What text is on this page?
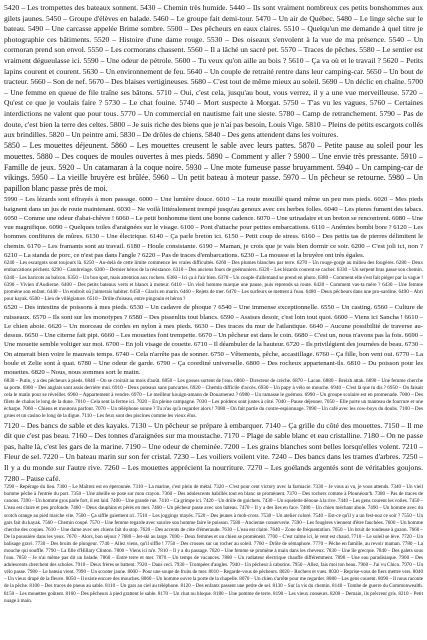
5420 – Les trompettes des bateaux sonnent. 5430 – Chemin très humide. 5440 – Ils sont vraiment nombreux ces petits bonshommes aux gilets jaunes. 5450 – Groupe d'élèves en balade. 5460 – Le groupe fait demi-tour. 5470 – Un air de Québec. 5480 – Le linge sèche sur le bateau. 5490 – Une carcasse appelée Brime sombre. 5500 – Des pêcheurs en eaux claires. 5510 – Quelqu'un me demande à quel titre je photographie ces bâtiments. 5520 – Histoire d'une dame rouge. 5530 – Des oiseaux s'envolent à la vue de ma présence. 5540 – Un cormoran prend son envol. 5550 – Les cormorans chassent. 5560 – Il a lâché un sacré pet. 5570 – Traces de pêches. 5580 – Le sentier est vraiment dégueulasse ici. 5590 – Une odeur de pétrole. 5600 – Tu veux qu'on aille au bois ? 5610 – Ça va où et le travail ? 5620 – Petits lapins courent et courent. 5630 – Un environnement de feu. 5640 – Un couple de retraité rentre dans leur camping-car. 5650 – Un bout de tracteur. 5660 – Son de nef. 5670 – Des blaises vertigineuses. 5680 – C'est tout de même mieux au soleil. 5690 – Un déclic en chaîne. 5700 – Une femme en queue de file traîne ses bâtons. 5710 – Oui, c'est cela, jusqu'au bout, vous verrez, il y a une vue merveilleuse. 5720 – Qu'est ce que je voulais faire ? 5730 – Le chat fouine. 5740 – Mort suspecte à Morgat. 5750 – T'as vu les vagues. 5760 – Certaines interdictions ne valent que pour tous. 5770 – Un commercial en nautisme fait une sieste. 5780 – Camp de retranchement. 5790 – Pas de doute, c'est bien la terre des celtes. 5800 – Je suis riche des biens que je n'ai pas besoin, Louis Vige. 5810 – Pleins de petits escargots collés aux brindilles. 5820 – Un peintre ami. 5830 – De drôles de chiens. 5840 – Des gens attendent dans les voitures.

5850 – Les mouettes déjeunent. 5860 – Les mouettes creusent le sable avec leurs pattes. 5870 – Petite pause au soleil pour les mouettes. 5880 – Des coques de moules ouvertes à mes pieds. 5890 – Comment y aller ? 5900 – Une envie très pressante. 5910 – Famille de jeux. 5920 – Un catamaran à la coque noire. 5930 – Une mote fumeuse passe bruyamment. 5940 – Un camping-car de vikings. 5950 – La vieille bruyère est brûlée. 5960 – Un petit bateau à moteur passe. 5970 – Un pêcheur se retourne. 5980 – Un papillon blanc passe près de moi.

5990 – Les lézards sont effrayés à mon passage. 6000 – Une lumière douce. 6010 – La route mouillé quand même un peu mes pieds. 6020 – Mes pieds baignent dans un jus de route maintenant. 6030 – Ne voilà littéralement trempé jusqu'au genoux avec ces herbes folles. 6040 – Les pieres fument des tabacs. 6050 – Comme une odeur d'abat-chèvre ! 6060 – Le petit bonhomme tient une bonne cadence. 6070 – Une urinadaire et un breton se rencontrent. 6080 – Une vue magnifique. 6090 – Quelques toiles d'araignées sur le visage. 6100 – Pont d'attache pour petites embarcations. 6110 – Anémies bombi bore ? 6120 – Les hommes confitures de mûres. 6130 – Une électrique. 6140 – Ça parle breton ici. 6150 – Petit coup de stress. 6160 – Des petits tas de pierres délimitent le chemin. 6170 – Les framants sont au travail. 6180 – Houle consistante. 6190 – Maman, je crois que je vais bien dormir ce soir. 6200 – C'est joli ici, non ? 6210 – La standa de porc, ce n'est pas dans l'angle ? 6220 – Pas de traces d'embarcations. 6230 – La mousse et la bruyère ont très égales.

6240 – Les escargots sont toujours là. 6250 – Au-delà de cette limite commence les vraies difficultés. 6260 – Des plumes blanches par terre. 6270 – Un rouge-gorge au milieu des fougères. 6280 – Deux embarcations péchent. 6290 – Cambrelage. 6300 – Dernier héros de la résistance. 6310 – Des anciens fours de goémoniers. 6320 – Les lézards courent se cacher. 6330 – Un serpent bras passe son chemin. 6340 – Les haricots au balcon. 6350 – Un bon spot, mais attention aux rochers. 6360 – Ici ça à l'air bien. 6370 – Un couple d'allemand se prend en photo. 6380 – Comment elle s'est fait piéger par la vague ! 6390 – Vivien d'Audierne. 6400 – Des petits bateaux verts et blancs à moteur. 6410 – Un vieil homme marque une pause, puis reprends sa route. 6420 – Comment vas-ta mère ? 6430 – Une femme promène son enfant. 6440 – Un endroit où j'aimerais habiter. 6450 – Glacis en marin. 6460 – Rejets de mer. 6470 – Les surfeurs se mettent à l'eau. 6480 – Deux pêcheurs dans une pro-sardine. 6490 – Abri pour kayak. 6500 – Lieu de villégiature. 6510 – Drôle d'oiseau, entre pingouin et héron ?

6520 – Des intestins de poissons à mes pieds. 6530 – Un cadavre de phoque ? 6540 – Une immense exceptionnelle. 6550 – Un casting. 6560 – Culture de ruisseaux. 6570 – Ils sont sur les monotypes ? 6580 – Des pissenlits tout blancs. 6590 – Assises desoir, c'est loin tout quoi. 6600 – Viens ici Sancha ! 6610 – Le chien aboie. 6620 – Un morceau de cordes en nylon à mes pieds. 6630 – Des traces du mur de l'atlantique. 6640 – Aucune possibilité de traverse au-dessus. 6650 – Une citerne fait pipi. 6660 – Les mouettes font trempette. 6670 – Un pêcheur est dans le coin. 6680 – C'est un, nous n'avons pas la fois. 6690 – Une mouette semble voltiger sur moi. 6700 – En joli visage de couette. 6710 – Il déambuler de la hauteur. 6720 – Ils privilégient des journées de beau. 6730 – On aimerait bien voire le mauvais temps. 6740 – Cela n'arrête pas de sonner. 6750 – Vêtements, pêche, accastillage. 6760 – Ça fille, bon vent oui. 6770 – La boule et Zelie sont à quai. 6780 – Une odeur de garde. 6790 – Ça coordiné universelle. 6800 – Des rocheux appartenant-ils. 6810 – Du poisson pour les mouettes. 6820 – Nous, nous sommes sort le matin.

6830 – Putin, y a des pêcheurs à pieds. 6840 – On se croirait au mois d'août. 6850 – Les gosses sortent de l'eau. 6860 – Directeur de crèche. 6870 – Lacan. 6880 – Breizh attak. 6890 – Une femme cherche sa porte. 6900 – Des anglais sont assis derrière moi. 6910 – Deux poteaux sans pancartes. 6920 – Chemin difficile d'accès. 6930 – Un papy à vélo se mouche. 6940 – C'est là que tu dis ? 6950 – On faisait cela le matin pour se réveiller. 6960 – Appartement à vendre. 6970 – Le meilleur kouign-amann de Douarnenez ? 6980 – Un ramasse le goémon. 6990 – Un groupe scolaire est en promenade. 7000 – Des filets de chalus le long de la dune. 7010 – Cela sent la ferme ici. 7020 – En pleine campagne. 7030 – Les poldens sont justes à côté. 7040 – Pause déjeuner. 7050 – Elle porte un manteau de fourrure et une écharpe. 7060 – Chiens et moutons parfont. 7070 – Un téléphone sonne ? Tu n'as qu'à regarder alors ! 7080 – On fait partie du contre-espionnage. 7090 – Un café avec les cow-boys du doubs. 7100 – Des grues et un casino le long de la digue. 7110 – Les feux sont des piscines comme les vieux élus.

7120 – Des bancs de sable et des kayaks. 7130 – Un pêcheur se prépare à embarquer. 7140 – Ça grille du côté des mouettes. 7150 – Il me dit que c'est pas beau. 7160 – Des tonnes d'araignées sur ma moustache. 7170 – Plage de sable blanc et eau cristalline. 7180 – On ne passe pas, halte là, c'est les gars de la marine. 7190 – Une odeur de cheminée. 7200 – Les grains blanches sont belles lorsqu'elles volent. 7210 – Fleur de sel. 7220 – Un bateau marin sur son fer cristal. 7230 – Les voiliers voilent vite. 7240 – Des bancs dans les trames d'arbres. 7250 – Il y a du monde sur l'autre rive. 7260 – Les mouettes apprécient la nourriture. 7270 – Les goélands argentés sont de véritables goujons. 7280 – Pause café.

7290 – Repérage du lieu. 7300 – Le Maîtrez est en éperonnée. 7310 – La marine, c'est plein de métal. 7320 – C'est pour cent victory avec la farmacie. 7330 – Je vous ai vu, je vous attends. 7340 – Un vieil homme pêche à l'entrée du port. 7350 – Une abeille se pose sur mon crayon. 7360 – Des adolescents habillés tout en blanc se promènent. 7370 – Des rochers comme à Plounéour'h. 7380 – Pas de traces de canons. 7390 – Un homme gros parle fort, il est laid. 7400 – Une grande rue. 7410 – Ca grimpe ici. 7420 – Un drôle de guichets. 7430 – Un squelette dénoue à la rive. 7440 – Les gens courent les voiles. 7450 – L'eau est claire et peu profonde. 7460 – Deux dauphins et pêrés en mer. 7460 – Un pêcheur passe avec son bateau. 7470 – Il y a des îles en face. 7480 – Un chien méchant aboie. 7490 – Un homme avec du scotch orange au pied marche vite. 7500 – Ça siffle gaiement ici. 7510 – Les joggings mayés. 7520 – Des jeunes à mob-cross. 7530 – Un atelier coloré. 7540 – Est-ce qu'il y a un fest-noz ce soir ? 7550 – Un gars fait du kayak. 7560 – Chemin coupé. 7570 – Une femme regarde avec sourire son homme faire le poisson. 7580 – Ancienne conserverie. 7590 – Les fougères viennent d'être fauchées. 7600 – Un homme cherche des coques. 7610 – Une dame avec ses chiens fait du stop. 7620 – Des accents de côte d'émeraude. 7630 – L'eau est claire. 7640 – Zone de fréquentation. 7650 – Un bruit de tondeuse à gazon. 7660 – De la poussière dans les yeux. 7670 – Alors, bon séjour ? 7680 – Jet-ski au large. 7690 – Deux femmes et un chien se promènent. 7700 – C'est calme ici, le vent est chaud. 7710 – Le soleil se lève. 7720 – Un balisage gravi. 7730 – Des bruits de plongeur. 7740 – Allez viens, qu'il siffle ! 7750 – Des crosses sur un rocher au soleil. 7760 – Drôle de sémaphore. 7770 – Pêche en famille, au revoir maman. 7780 – La mouche qui souffle. 7790 – La fille d'Hillary Clinton. 7800 – Viens ici ta'e. 7810 – Il y a du passage. 7820 – Une femme se promène à main dans les cheveux. 7830 – Une île grecque. 7840 – Des galets sous l'eau. 7850 – Je n'ai même pas dit un balade. 7860 – Entre terre et mer. 7870 – Un temps de vacances. 7880 – Un radiateur électrique chauffe différemment. 7890 – Une eau paradisiaque. 7900 – Des adolescents cherchent des scholes. 7910 – Deux frères se battent. 7920 – Dans ceci. 7930 – Trompées d'angles. 7940 – Un pêcheur à cabotins. 7950 – Allez, fais moi ton beau. 7960 – J'ai vu Chico. 7970 – Un vélo passe. 7980 – Le bateau vient. 7990 – Un scooter jaune. 8000 – Pour une soupe de fruits de mer. 8010 – Regarde-vous de pêcheurs. 8020 – Rochers et vues. 8030 – Reprise-vous de fiers mettre vers. 8040 – Un vieux drapé de la fleuve. 8050 – Il existe encore des mouches. 8060 – Un homme ouvre la porte de la chapelle. 8070 – Un chien s'arrête pour me regarder. 8080 – Les gens courent. 8090 – Il nous raconte de la pêche. 8100 – Des traces de pneus au sable. 8110 – Un gars au ciel au téléphone. 8120 – Des enfants passent une petite de sel. 8130 – Sur la vis du chemin. 8140 – Tombe de guerre du Commonwealth. 8150 – Les mouettes goûtent. 8160 – Des pêcheurs à pied grattent le sable. 8170 – Un chat nu bloque. 8180 – Une pomme de terre. 8190 – Les vieux conseurs. 8200 – Demain, ils prêcrent gris. 8210 – Petit nuage à main.
